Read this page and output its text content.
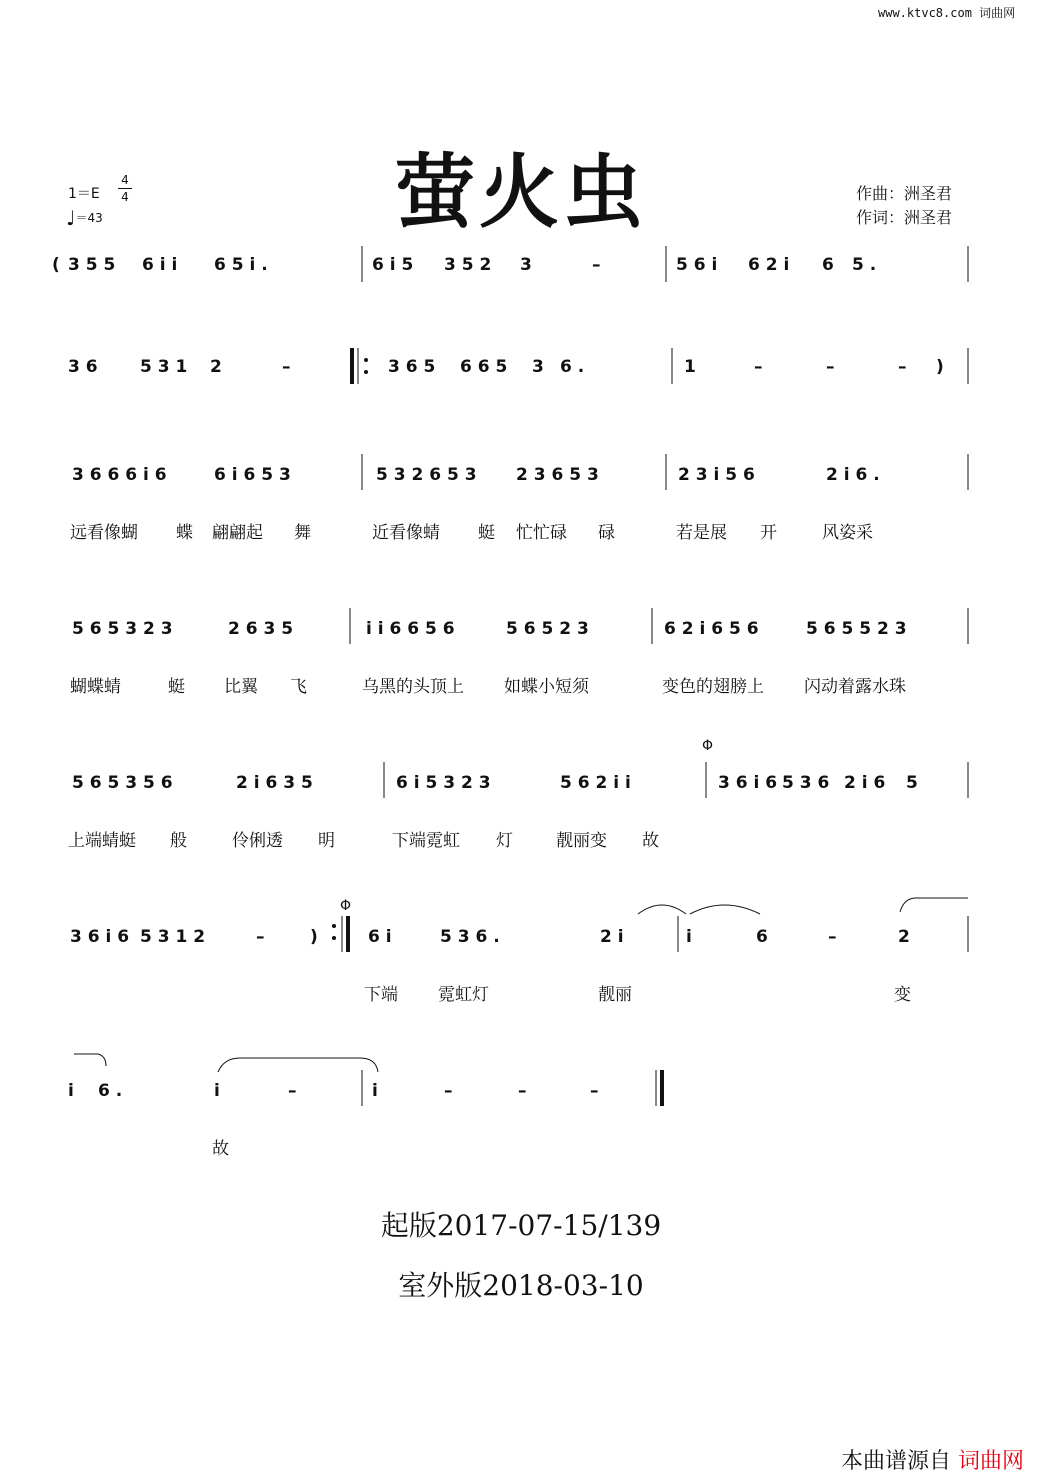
www.ktvc8.com 词曲网
萤火虫
1＝E
4
4
♩＝43
作曲：洲圣君
作词：洲圣君
( 3 5 5 6 i i 6 5 i .	6 i 5 3 5 2 3	–	5 6 i 6 2 i 6 5 .
3 6 5 3 1 2	–	3 6 5 6 6 5 3 6 .	1	–	–	– )
3 6 6 6 i 6	6 i 6 5 3	5 3 2 6 5 3 2 3 6 5 3	2 3 i 5 6	2 i 6 .
远看像蝴 蝶 翩翩起 舞	近看像蜻 蜓 忙忙碌 碌	若是展 开	风姿采
5 6 5 3 2 3	2 6 3 5	i i 6 6 5 6	5 6 5 2 3	6 2 i 6 5 6	5 6 5 5 2 3
蝴蝶蜻	蜓 比翼 飞	乌黑的头顶上 如蝶小短须	变色的翅膀上 闪动着露水珠
5 6 5 3 5 6	2 i 6 3 5	6 i 5 3 2 3	5 6 2 i i
Φ
3 6 i 6 5 3 6 2 i 6 5
上端蜻蜓 般	伶俐透 明	下端霓虹 灯	靓丽变 故
3 6 i 6 5 3 1 2	–	)
Φ
6 i	5 3 6 .	2 i	i	6	–	2
下端 霓虹灯	靓丽	变
i 6 .	i	–	i	–	–	–
故
起版2017-07-15/139
室外版2018-03-10
本曲谱源自 词曲网
